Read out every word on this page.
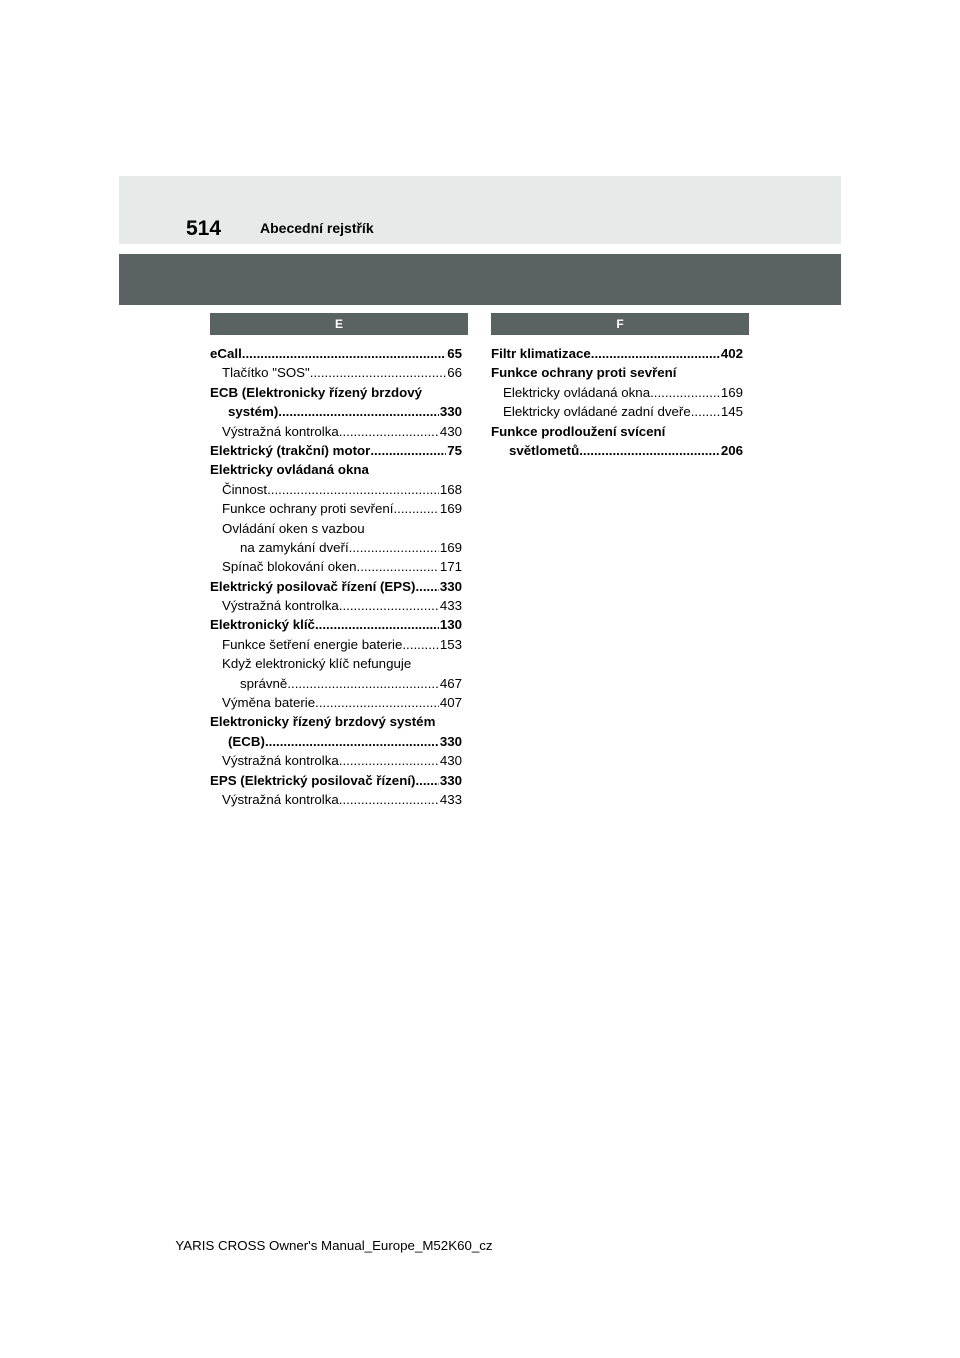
514	Abecední rejstřík
E
eCall .....	65
Tlačítko "SOS" .....	66
ECB (Elektronicky řízený brzdový
systém) .....	330
Výstražná kontrolka .....	430
Elektrický (trakční) motor .....	75
Elektricky ovládaná okna
Činnost .....	168
Funkce ochrany proti sevření .....	169
Ovládání oken s vazbou
na zamykání dveří .....	169
Spínač blokování oken .....	171
Elektrický posilovač řízení (EPS) ..... 330
Výstražná kontrolka .....	433
Elektronický klíč .....	130
Funkce šetření energie baterie .....	153
Když elektronický klíč nefunguje
správně .....	467
Výměna baterie .....	407
Elektronicky řízený brzdový systém
(ECB) .....	330
Výstražná kontrolka .....	430
EPS (Elektrický posilovač řízení) ..... 330
Výstražná kontrolka .....	433
F
Filtr klimatizace .....	402
Funkce ochrany proti sevření
Elektricky ovládaná okna .....	169
Elektricky ovládané zadní dveře ..... 145
Funkce prodloužení svícení
světlometů .....	206
YARIS CROSS Owner's Manual_Europe_M52K60_cz
